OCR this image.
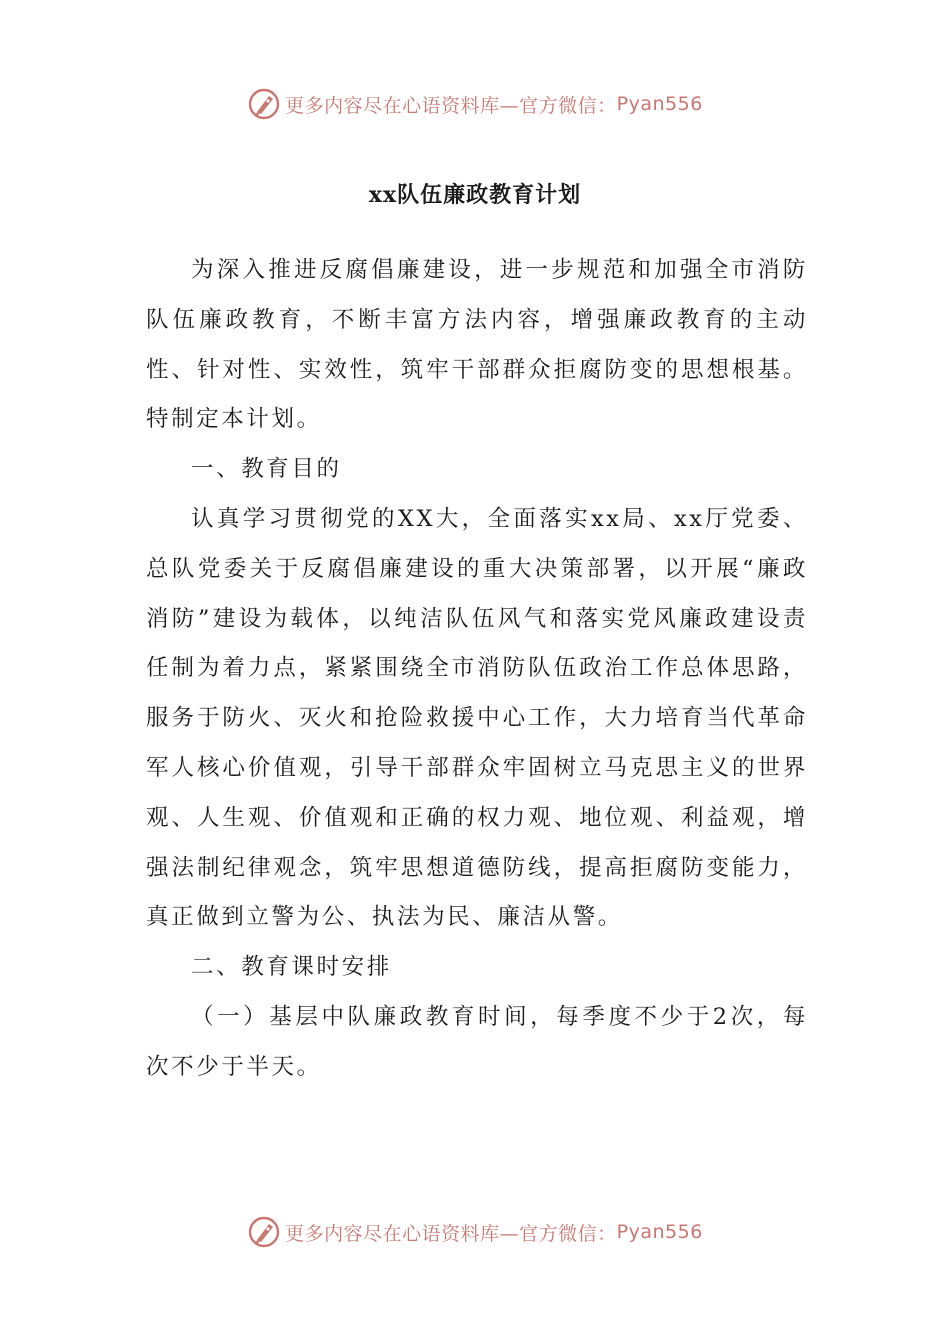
更多内容尽在心语资料库—官方微信： Pyan556
xx队伍廉政教育计划

为深入推进反腐倡廉建设，进一步规范和加强全市消防队伍廉政教育，不断丰富方法内容，增强廉政教育的主动性、针对性、实效性，筑牢干部群众拒腐防变的思想根基。特制定本计划。

一、教育目的

认真学习贯彻党的XX大，全面落实xx局、xx厅党委、总队党委关于反腐倡廉建设的重大决策部署，以开展“廉政消防”建设为载体，以纯洁队伍风气和落实党风廉政建设责任制为着力点，紧紧围绕全市消防队伍政治工作总体思路，服务于防火、灭火和抢险救援中心工作，大力培育当代革命军人核心价值观，引导干部群众牢固树立马克思主义的世界观、人生观、价值观和正确的权力观、地位观、利益观，增强法制纪律观念，筑牢思想道德防线，提高拒腐防变能力，真正做到立警为公、执法为民、廉洁从警。

二、教育课时安排

（一）基层中队廉政教育时间，每季度不少于2次，每次不少于半天。

更多内容尽在心语资料库—官方微信： Pyan556
